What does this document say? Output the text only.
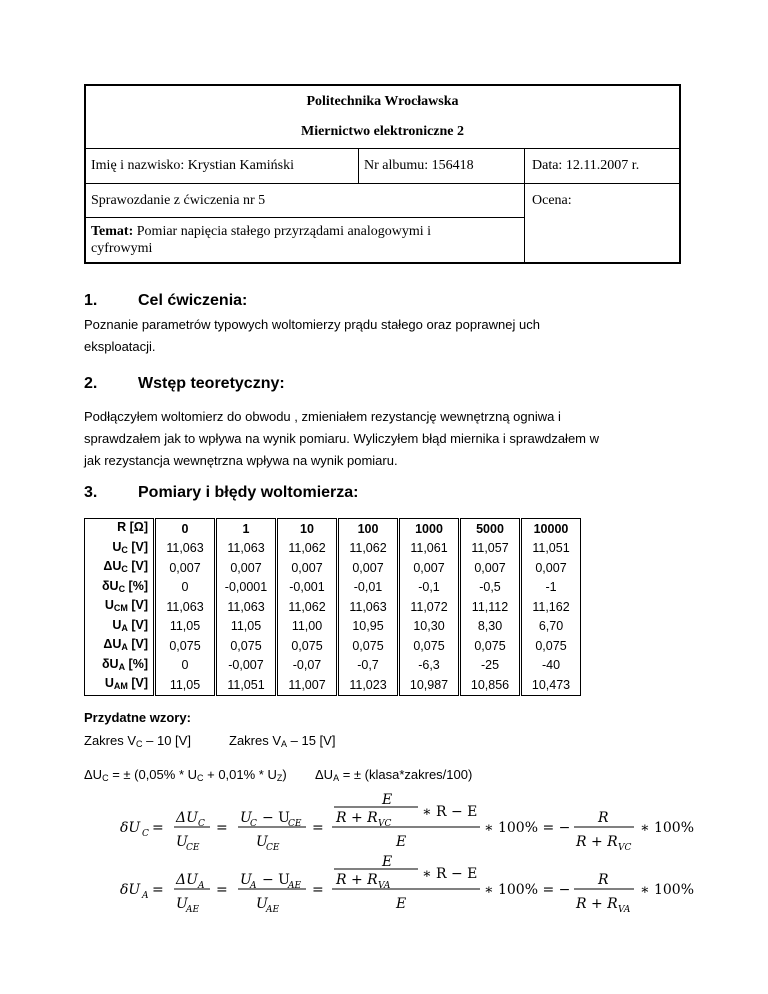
Politechnika Wrocławska
Miernictwo elektroniczne 2
Imię i nazwisko: Krystian Kamiński	Nr albumu: 156418	Data: 12.11.2007 r.
Sprawozdanie z ćwiczenia nr 5	Ocena:
Temat: Pomiar napięcia stałego przyrządami analogowymi i
cyfrowymi
1.	Cel ćwiczenia:
Poznanie parametrów typowych woltomierzy prądu stałego oraz poprawnej uch
eksploatacji.
2.	Wstęp teoretyczny:
Podłączyłem woltomierz do obwodu , zmieniałem rezystancję wewnętrzną ogniwa i
sprawdzałem jak to wpływa na wynik pomiaru. Wyliczyłem błąd miernika i sprawdzałem w
jak rezystancja wewnętrzna wpływa na wynik pomiaru.
3.	Pomiary i błędy woltomierza:
R [Ω]		0		1		10		100		1000		5000		10000
$U_C$ [V]		11,063		11,063		11,062		11,062		11,061		11,057		11,051
$\Delta U_C$ [V]		0,007		0,007		0,007		0,007		0,007		0,007		0,007
$\delta U_C$ [%]		0		-0,0001		-0,001		-0,01		-0,1		-0,5		-1
$U_{CM}$ [V]		11,063		11,063		11,062		11,063		11,072		11,112		11,162
$U_A$ [V]		11,05		11,05		11,00		10,95		10,30		8,30		6,70
$\Delta U_A$ [V]		0,075		0,075		0,075		0,075		0,075		0,075		0,075
$\delta U_A$ [%]		0		-0,007		-0,07		-0,7		-6,3		-25		-40
$U_{AM}$ [V]		11,05		11,051		11,007		11,023		10,987		10,856		10,473
Przydatne wzory:
Zakres $V_C - 10$ [V]	Zakres $V_A - 15$ [V]
$\Delta U_C$ = ± $(0,05\% * U_C + 0,01\% * U_Z)$ $\Delta U_A$ = ± (klasa*zakres/100)
δU C =
ΔU C
U
CE
=
U
C − U
CE
U
CE
=
E
R + R VC
∗ R − E
E
∗ 100% = −
R
R + R VC
∗ 100%
δU A =
ΔU A
U
AE
=
U
A − U
AE
U
AE
=
E
R + R VA
∗ R − E
E
∗ 100% = −
R
R + R VA
∗ 100%
